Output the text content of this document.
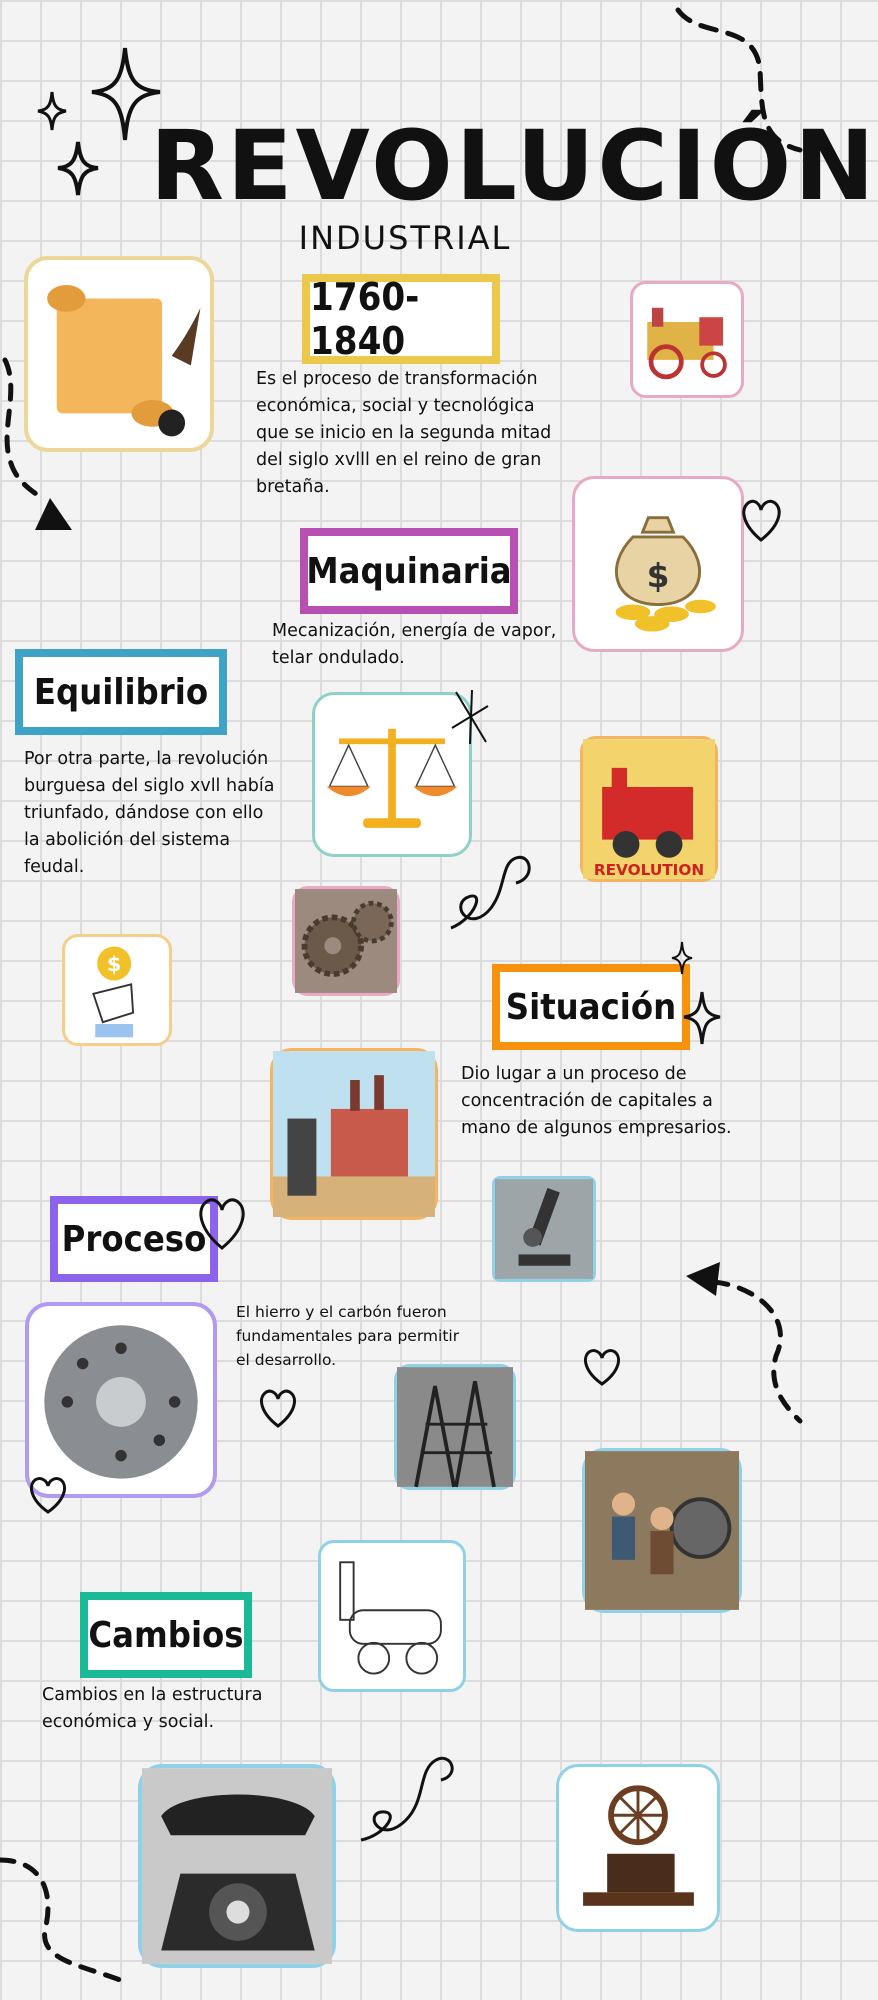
REVOLUCIÓN
INDUSTRIAL
1760-1840
Es el proceso de transformación económica, social y tecnológica que se inicio en la segunda mitad del siglo xvlll en el reino de gran bretaña.
$
Maquinaria
Mecanización, energía de vapor, telar ondulado.
Equilibrio
Por otra parte, la revolución burguesa del siglo xvll había triunfado, dándose con ello la abolición del sistema feudal.	REVOLUTION
$
Situación
Dio lugar a un proceso de concentración de capitales a mano de algunos empresarios.
Proceso
El hierro y el carbón fueron fundamentales para permitir el desarrollo.
Cambios
Cambios en la estructura económica y social.
